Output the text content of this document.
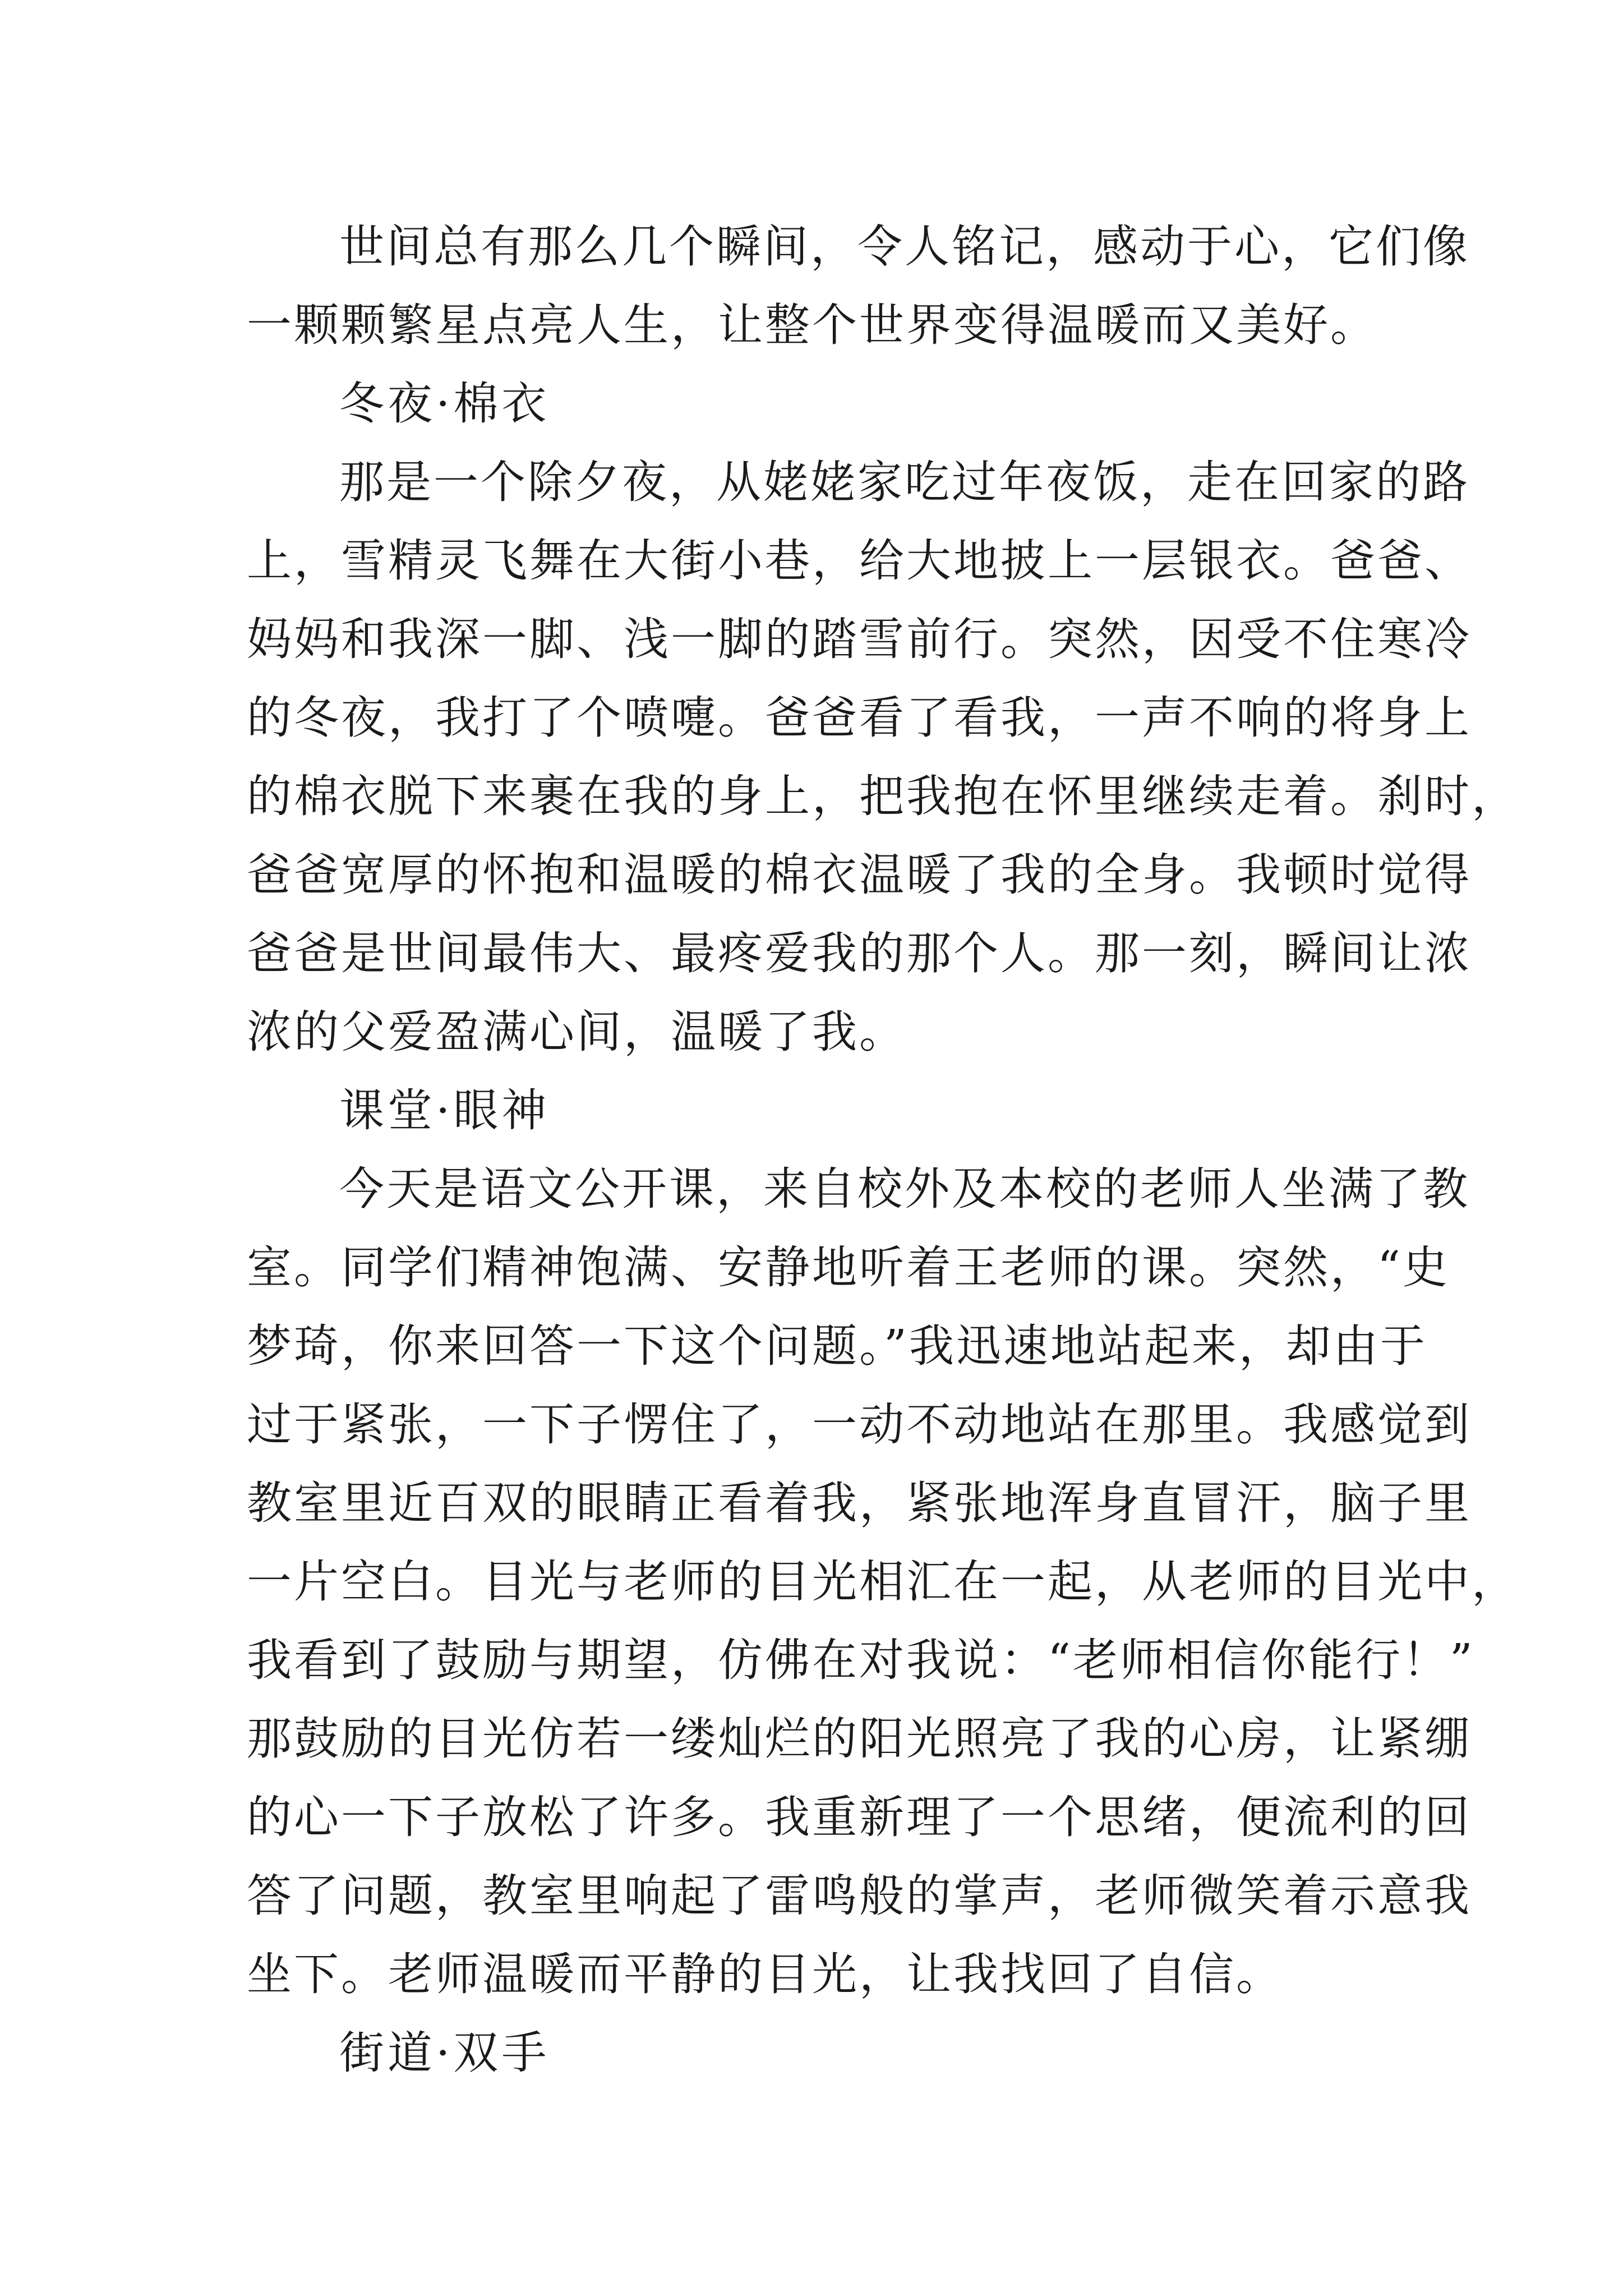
世间总有那么几个瞬间，令人铭记，感动于心，它们像
一颗颗繁星点亮人生，让整个世界变得温暖而又美好。
冬夜·棉衣
那是一个除夕夜，从姥姥家吃过年夜饭，走在回家的路
上，雪精灵飞舞在大街小巷，给大地披上一层银衣。爸爸、
妈妈和我深一脚、浅一脚的踏雪前行。突然，因受不住寒冷
的冬夜，我打了个喷嚏。爸爸看了看我，一声不响的将身上
的棉衣脱下来裹在我的身上，把我抱在怀里继续走着。刹时，
爸爸宽厚的怀抱和温暖的棉衣温暖了我的全身。我顿时觉得
爸爸是世间最伟大、最疼爱我的那个人。那一刻，瞬间让浓
浓的父爱盈满心间，温暖了我。
课堂·眼神
今天是语文公开课，来自校外及本校的老师人坐满了教
室。同学们精神饱满、安静地听着王老师的课。突然，“史
梦琦，你来回答一下这个问题。”我迅速地站起来，却由于
过于紧张，一下子愣住了，一动不动地站在那里。我感觉到
教室里近百双的眼睛正看着我，紧张地浑身直冒汗，脑子里
一片空白。目光与老师的目光相汇在一起，从老师的目光中，
我看到了鼓励与期望，仿佛在对我说：“老师相信你能行！”
那鼓励的目光仿若一缕灿烂的阳光照亮了我的心房，让紧绷
的心一下子放松了许多。我重新理了一个思绪，便流利的回
答了问题，教室里响起了雷鸣般的掌声，老师微笑着示意我
坐下。老师温暖而平静的目光，让我找回了自信。
街道·双手
